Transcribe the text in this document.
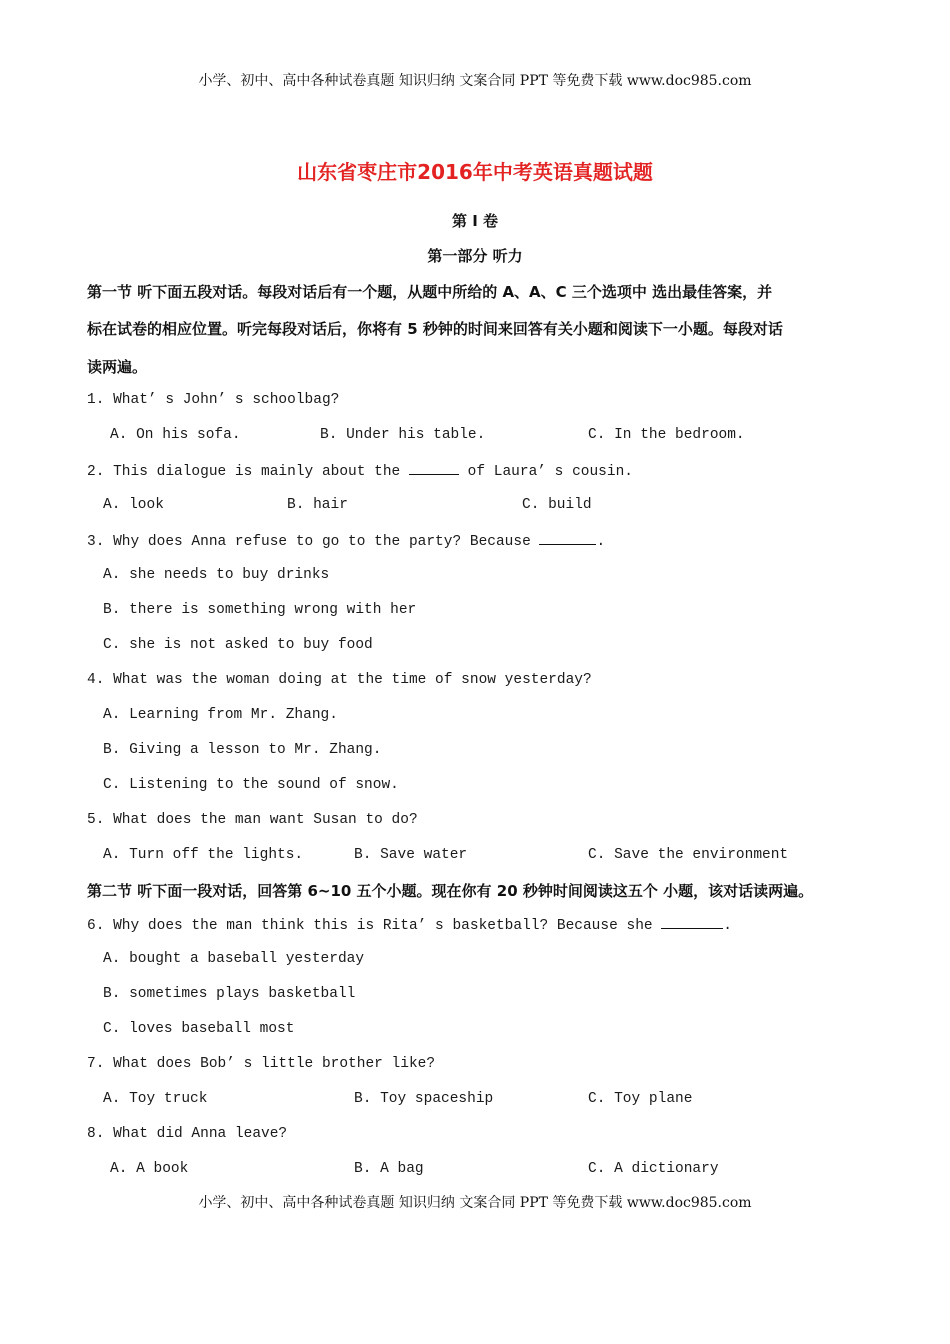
小学、初中、高中各种试卷真题 知识归纳 文案合同 PPT 等免费下载 www.doc985.com
山东省枣庄市2016年中考英语真题试题
第 I 卷
第一部分 听力
第一节 听下面五段对话。每段对话后有一个题，从题中所给的 A、A、C 三个选项中 选出最佳答案，并
标在试卷的相应位置。听完每段对话后，你将有 5 秒钟的时间来回答有关小题和阅读下一小题。每段对话
读两遍。
1. What’ s John’ s schoolbag?
A. On his sofa.	B. Under his table.	C. In the bedroom.
2. This dialogue is mainly about the	of Laura’ s cousin.
A. look	B. hair	C. build
3. Why does Anna refuse to go to the party? Because	.
A. she needs to buy drinks
B. there is something wrong with her
C. she is not asked to buy food
4. What was the woman doing at the time of snow yesterday?
A. Learning from Mr. Zhang.
B. Giving a lesson to Mr. Zhang.
C. Listening to the sound of snow.
5. What does the man want Susan to do?
A. Turn off the lights.	B. Save water	C. Save the environment
第二节 听下面一段对话，回答第 6~10 五个小题。现在你有 20 秒钟时间阅读这五个 小题，该对话读两遍。
6. Why does the man think this is Rita’ s basketball? Because she	.
A. bought a baseball yesterday
B. sometimes plays basketball
C. loves baseball most
7. What does Bob’ s little brother like?
A. Toy truck	B. Toy spaceship	C. Toy plane
8. What did Anna leave?
A. A book	B. A bag	C. A dictionary
小学、初中、高中各种试卷真题 知识归纳 文案合同 PPT 等免费下载 www.doc985.com
